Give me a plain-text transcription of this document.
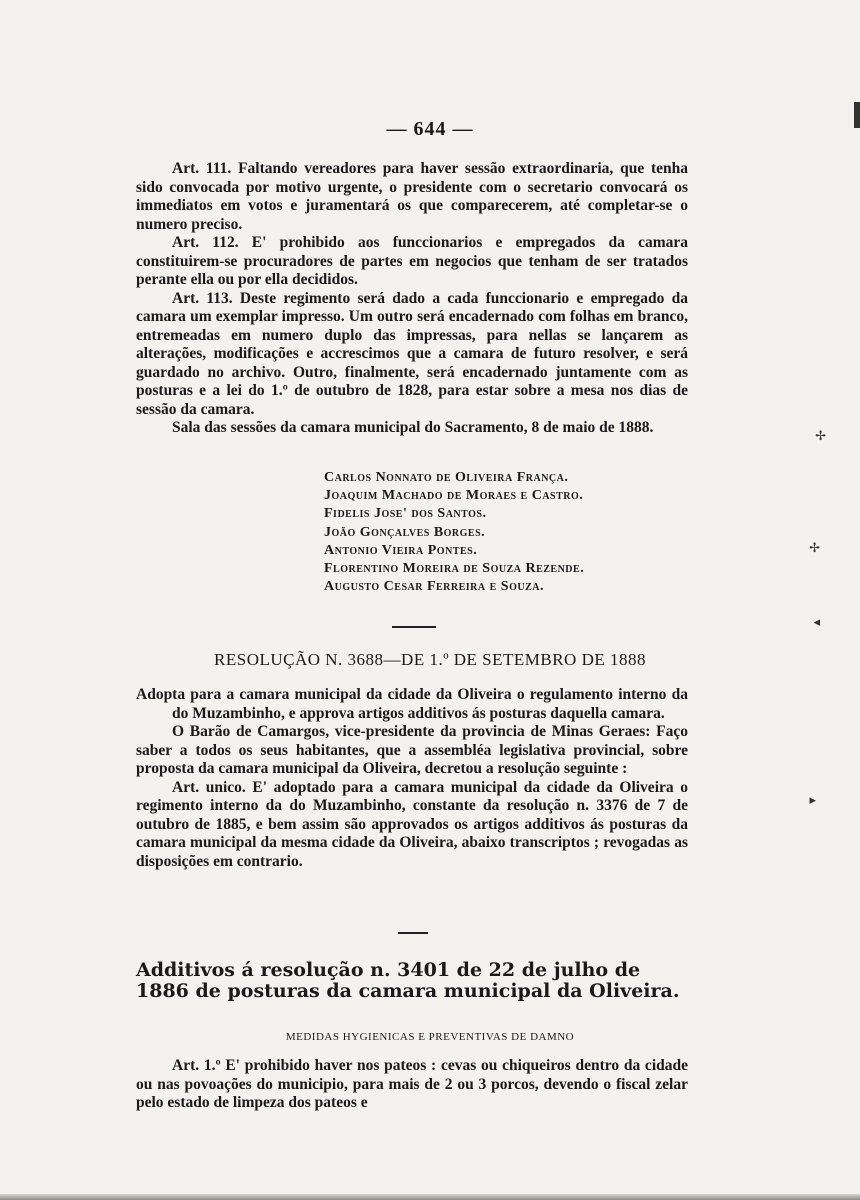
— 644 —

Art. 111. Faltando vereadores para haver sessão extraordinaria, que tenha sido convocada por motivo urgente, o presidente com o secretario convocará os immediatos em votos e juramentará os que comparecerem, até completar-se o numero preciso.

Art. 112. E' prohibido aos funccionarios e empregados da camara constituirem-se procuradores de partes em negocios que tenham de ser tratados perante ella ou por ella decididos.

Art. 113. Deste regimento será dado a cada funccionario e empregado da camara um exemplar impresso. Um outro será encadernado com folhas em branco, entremeadas em numero duplo das impressas, para nellas se lançarem as alterações, modificações e accrescimos que a camara de futuro resolver, e será guardado no archivo. Outro, finalmente, será encadernado juntamente com as posturas e a lei do 1.º de outubro de 1828, para estar sobre a mesa nos dias de sessão da camara.

Sala das sessões da camara municipal do Sacramento, 8 de maio de 1888.

Carlos Nonnato de Oliveira França.
Joaquim Machado de Moraes e Castro.
Fidelis Jose' dos Santos.
João Gonçalves Borges.
Antonio Vieira Pontes.
Florentino Moreira de Souza Rezende.
Augusto Cesar Ferreira e Souza.
RESOLUÇÃO N. 3688—DE 1.º DE SETEMBRO DE 1888

Adopta para a camara municipal da cidade da Oliveira o regulamento interno da do Muzambinho, e approva artigos additivos ás posturas daquella camara.

O Barão de Camargos, vice-presidente da provincia de Minas Geraes: Faço saber a todos os seus habitantes, que a assembléa legislativa provincial, sobre proposta da camara municipal da Oliveira, decretou a resolução seguinte :

Art. unico. E' adoptado para a camara municipal da cidade da Oliveira o regimento interno da do Muzambinho, constante da resolução n. 3376 de 7 de outubro de 1885, e bem assim são approvados os artigos additivos ás posturas da camara municipal da mesma cidade da Oliveira, abaixo transcriptos ; revogadas as disposições em contrario.

Additivos á resolução n. 3401 de 22 de julho de 1886 de posturas da camara municipal da Oliveira.
MEDIDAS HYGIENICAS E PREVENTIVAS DE DAMNO

Art. 1.º E' prohibido haver nos pateos : cevas ou chiqueiros dentro da cidade ou nas povoações do municipio, para mais de 2 ou 3 porcos, devendo o fiscal zelar pelo estado de limpeza dos pateos e

✢
✢
◂
▸
